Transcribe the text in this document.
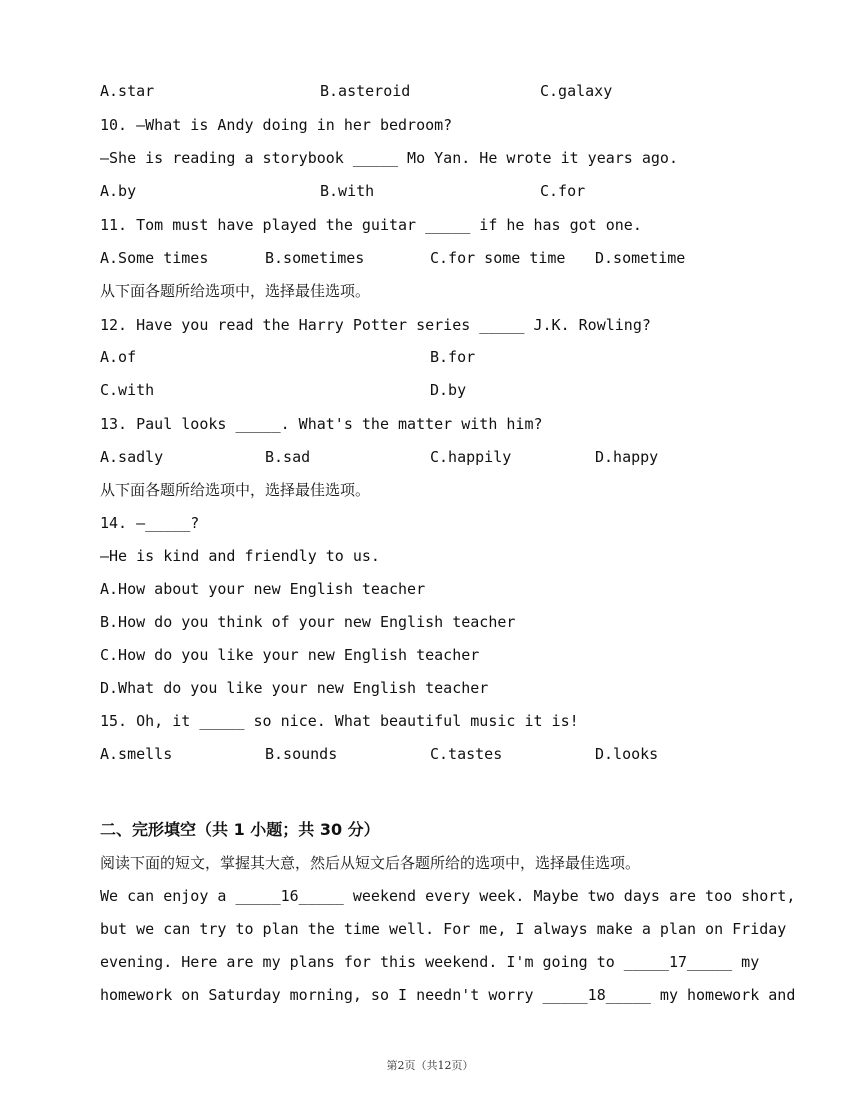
A.star	B.asteroid	C.galaxy
10. —What is Andy doing in her bedroom?
—She is reading a storybook _____ Mo Yan. He wrote it years ago.
A.by	B.with	C.for
11. Tom must have played the guitar _____ if he has got one.
A.Some times	B.sometimes	C.for some time D.sometime
从下面各题所给选项中，选择最佳选项。
12. Have you read the Harry Potter series _____ J.K. Rowling?
A.of	B.for
C.with	D.by
13. Paul looks _____. What's the matter with him?
A.sadly	B.sad	C.happily	D.happy
从下面各题所给选项中，选择最佳选项。
14. —_____?
—He is kind and friendly to us.
A.How about your new English teacher
B.How do you think of your new English teacher
C.How do you like your new English teacher
D.What do you like your new English teacher
15. Oh, it _____ so nice. What beautiful music it is!
A.smells	B.sounds	C.tastes	D.looks
二、完形填空（共 1 小题；共 30 分）
阅读下面的短文，掌握其大意，然后从短文后各题所给的选项中，选择最佳选项。
We can enjoy a _____16_____ weekend every week. Maybe two days are too short,
but we can try to plan the time well. For me, I always make a plan on Friday
evening. Here are my plans for this weekend. I'm going to _____17_____ my
homework on Saturday morning, so I needn't worry _____18_____ my homework and
第2页（共12页）
